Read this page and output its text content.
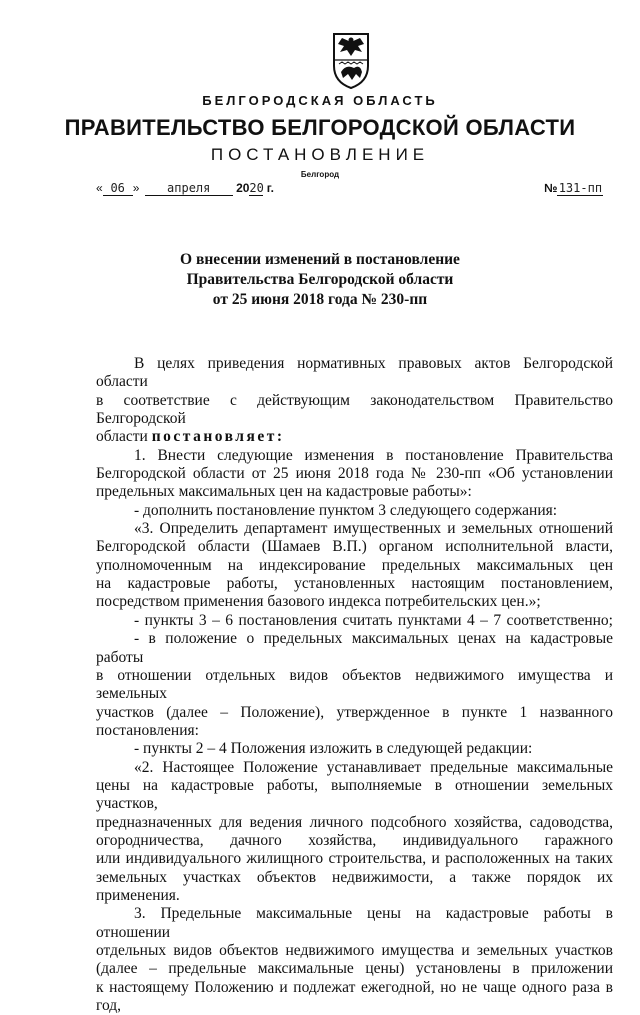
БЕЛГОРОДСКАЯ ОБЛАСТЬ

ПРАВИТЕЛЬСТВО БЕЛГОРОДСКОЙ ОБЛАСТИ

ПОСТАНОВЛЕНИЕ

Белгород

« 06 » апреля 2020 г.	№131-пп

О внесении изменений в постановление

Правительства Белгородской области

от 25 июня 2018 года № 230-пп

В целях приведения нормативных правовых актов Белгородской области

в соответствие с действующим законодательством Правительство Белгородской

области постановляет:

1. Внести следующие изменения в постановление Правительства

Белгородской области от 25 июня 2018 года № 230-пп «Об установлении

предельных максимальных цен на кадастровые работы»:

- дополнить постановление пунктом 3 следующего содержания:

«3. Определить департамент имущественных и земельных отношений

Белгородской области (Шамаев В.П.) органом исполнительной власти,

уполномоченным на индексирование предельных максимальных цен

на кадастровые работы, установленных настоящим постановлением,

посредством применения базового индекса потребительских цен.»;

- пункты 3 – 6 постановления считать пунктами 4 – 7 соответственно;

- в положение о предельных максимальных ценах на кадастровые работы

в отношении отдельных видов объектов недвижимого имущества и земельных

участков (далее – Положение), утвержденное в пункте 1 названного

постановления:

- пункты 2 – 4 Положения изложить в следующей редакции:

«2. Настоящее Положение устанавливает предельные максимальные

цены на кадастровые работы, выполняемые в отношении земельных участков,

предназначенных для ведения личного подсобного хозяйства, садоводства,

огородничества, дачного хозяйства, индивидуального гаражного

или индивидуального жилищного строительства, и расположенных на таких

земельных участках объектов недвижимости, а также порядок их применения.

3. Предельные максимальные цены на кадастровые работы в отношении

отдельных видов объектов недвижимого имущества и земельных участков

(далее – предельные максимальные цены) установлены в приложении

к настоящему Положению и подлежат ежегодной, но не чаще одного раза в год,
